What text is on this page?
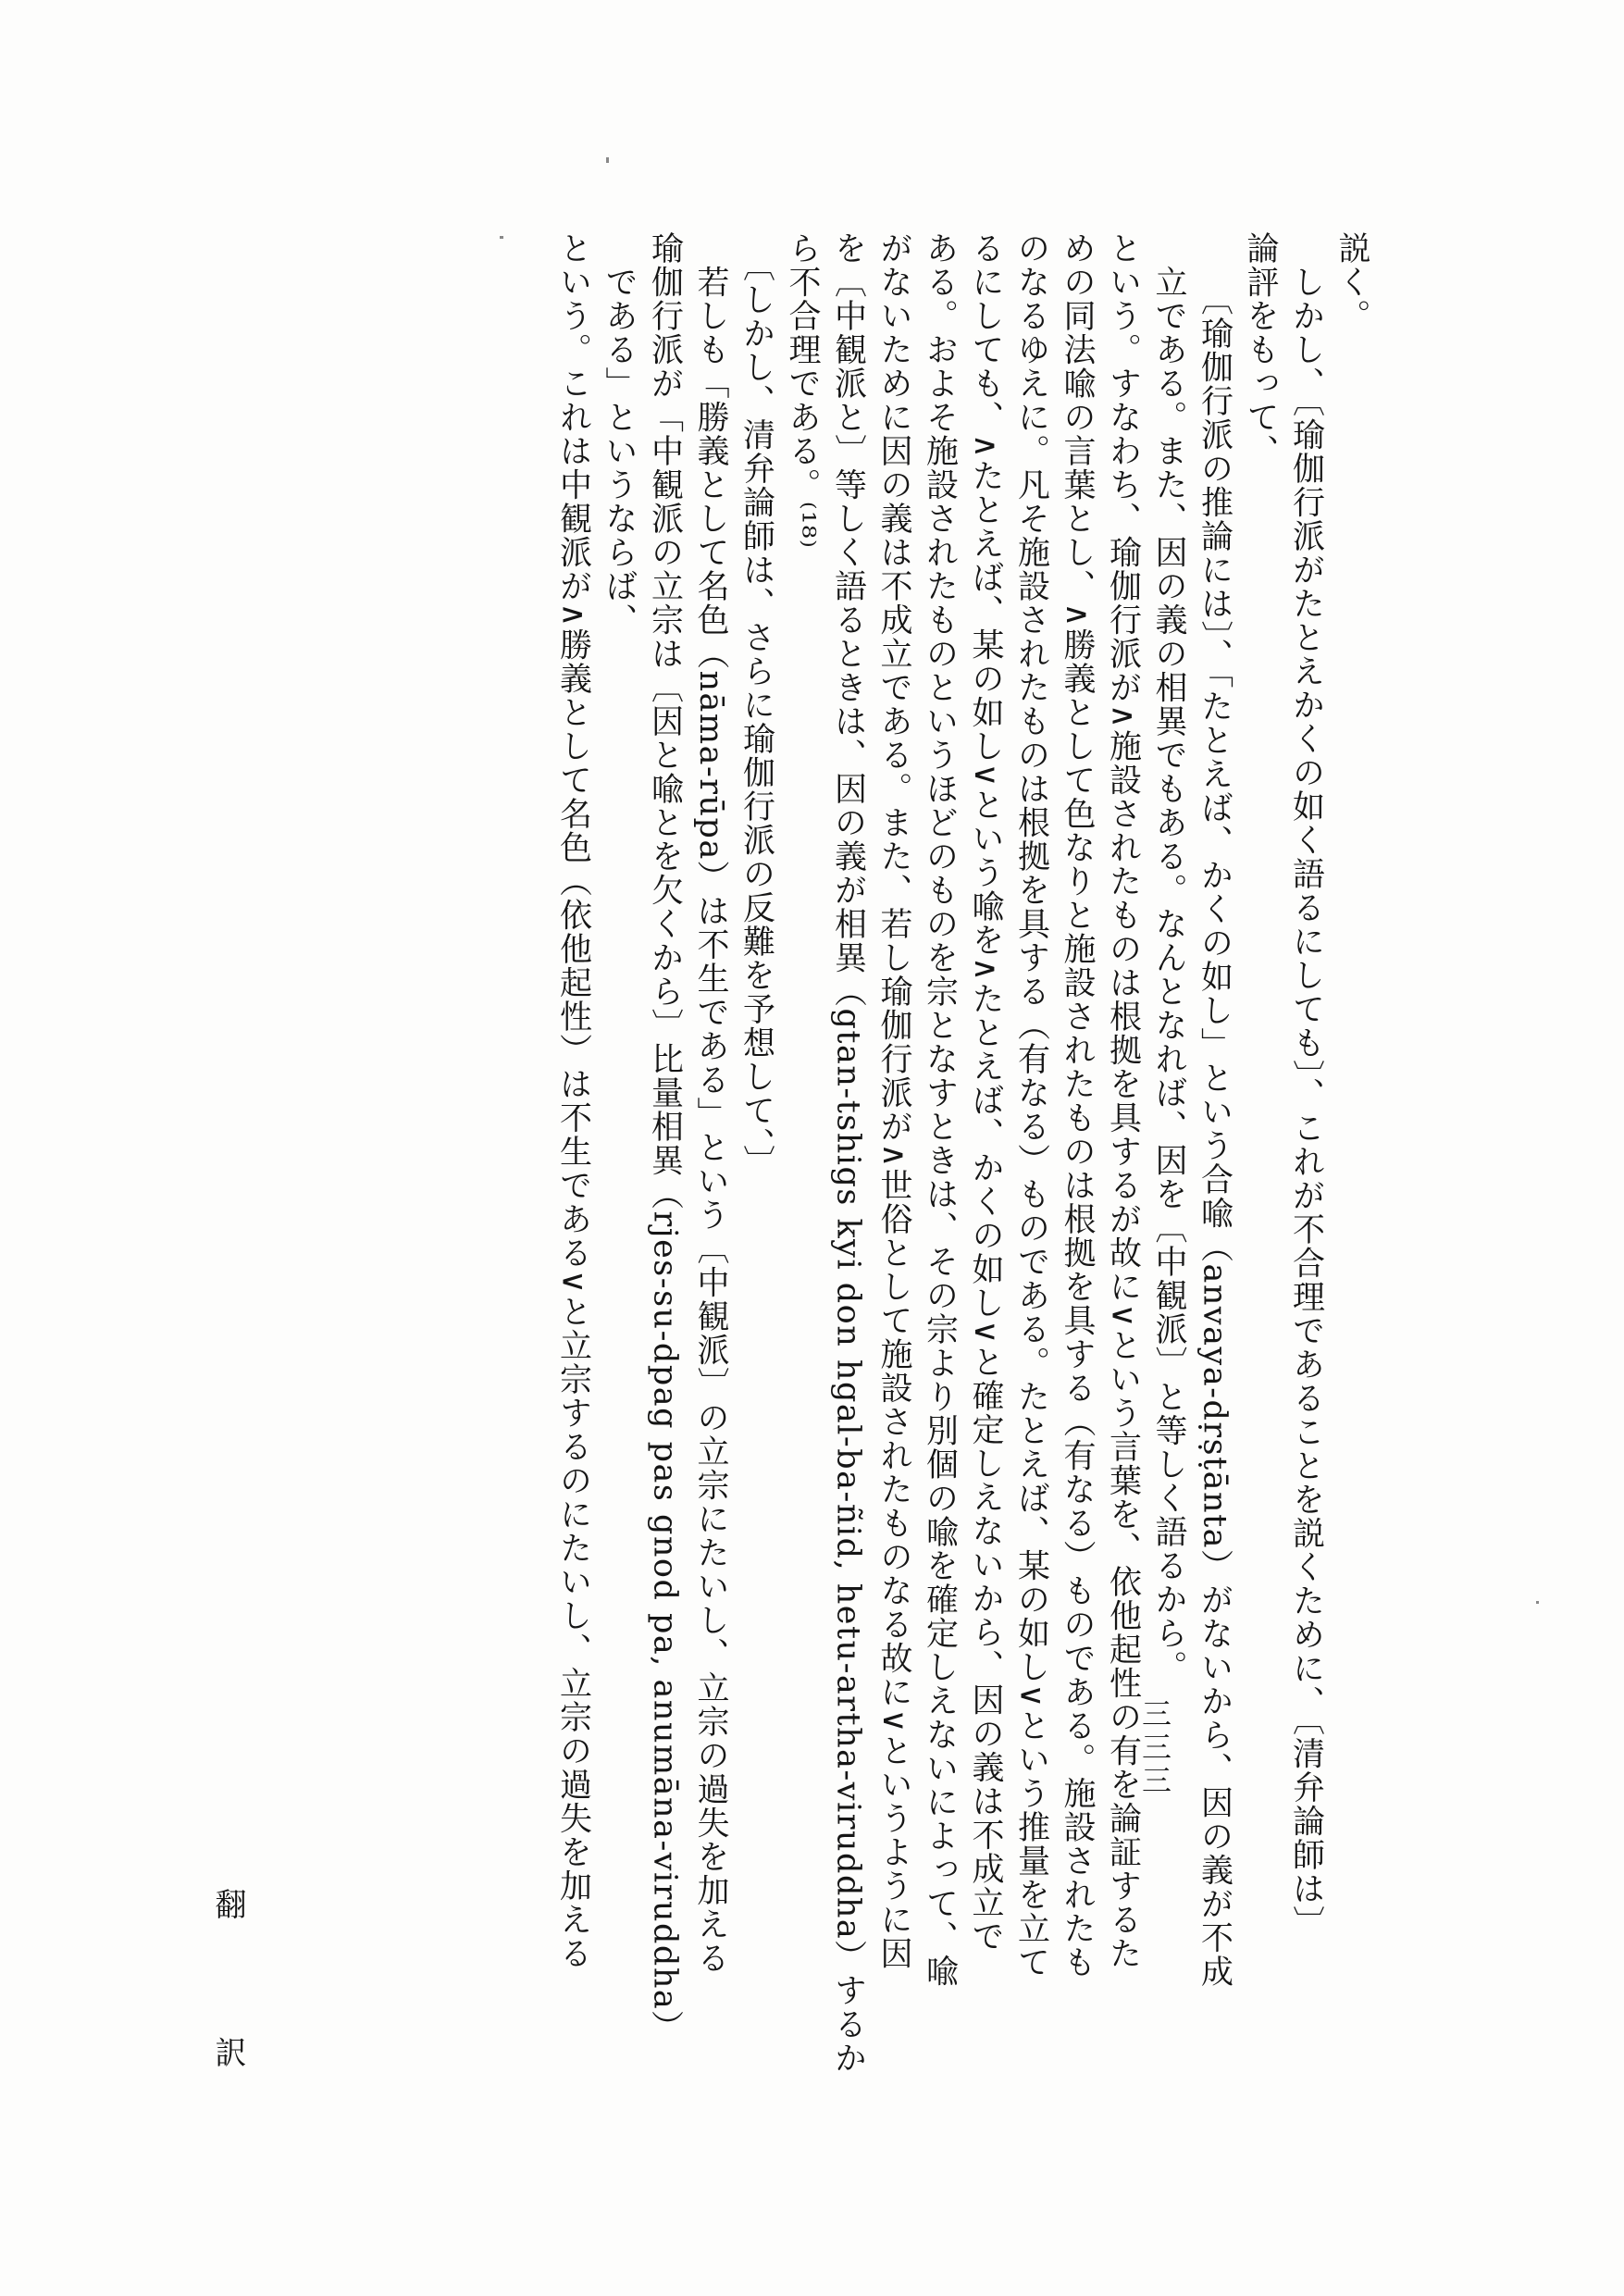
説く。
　しかし、〔瑜伽行派がたとえかくの如く語るにしても〕、これが不合理であることを説くために、〔清弁論師は〕
論評をもって、
　　〔瑜伽行派の推論には〕、「たとえば、かくの如し」という合喩（anvaya-dṛṣṭānta）がないから、因の義が不成
　立である。また、因の義の相異でもある。なんとなれば、因を〔中観派〕と等しく語るから。
という。すなわち、瑜伽行派が∧施設されたものは根拠を具するが故に∨という言葉を、依他起性の有を論証するた
めの同法喩の言葉とし、∧勝義として色なりと施設されたものは根拠を具する（有なる）ものである。施設されたも
のなるゆえに。凡そ施設されたものは根拠を具する（有なる）ものである。たとえば、某の如し∨という推量を立て
るにしても、∧たとえば、某の如し∨という喩を∧たとえば、かくの如し∨と確定しえないから、因の義は不成立で
ある。およそ施設されたものというほどのものを宗となすときは、その宗より別個の喩を確定しえないによって、喩
がないために因の義は不成立である。また、若し瑜伽行派が∧世俗として施設されたものなる故に∨というように因
を〔中観派と〕等しく語るときは、因の義が相異（gtan-tshigs kyi don hgal-ba-ñid, hetu-artha-viruddha）するか
ら不合理である。⁽¹⁸⁾
　〔しかし、清弁論師は、さらに瑜伽行派の反難を予想して、〕
　若しも「勝義として名色（nāma-rūpa）は不生である」という〔中観派〕の立宗にたいし、立宗の過失を加える
瑜伽行派が「中観派の立宗は〔因と喩とを欠くから〕比量相異（rjes-su-dpag pas gnod pa, anumāna-viruddha）
　である」というならば、
という。これは中観派が∧勝義として名色（依他起性）は不生である∨と立宗するのにたいし、立宗の過失を加える
翻　訳
三三三
